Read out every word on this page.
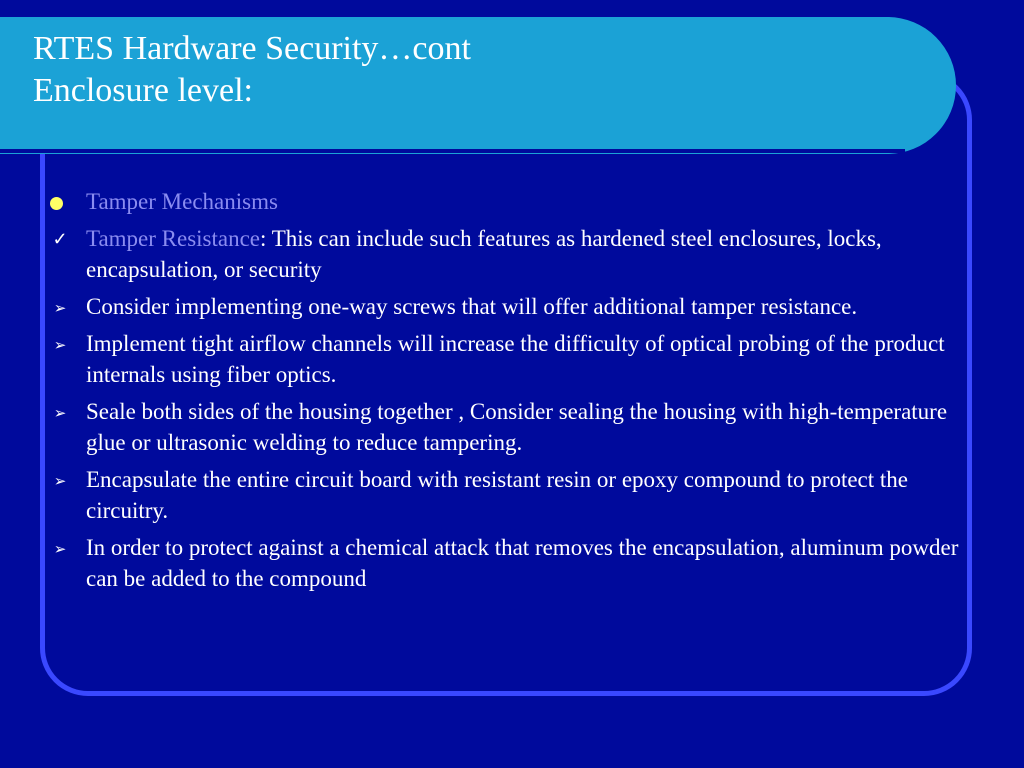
RTES Hardware Security…cont
Enclosure level:
Tamper Mechanisms
✓ Tamper Resistance: This can include such features as hardened steel enclosures, locks, encapsulation, or security
➢ Consider implementing one-way screws that will offer additional tamper resistance.
➢ Implement tight airflow channels will increase the difficulty of optical probing of the product internals using fiber optics.
➢ Seale both sides of the housing together , Consider sealing the housing with high-temperature glue or ultrasonic welding to reduce tampering.
➢ Encapsulate the entire circuit board with resistant resin or epoxy compound to protect the circuitry.
➢ In order to protect against a chemical attack that removes the encapsulation, aluminum powder can be added to the compound
